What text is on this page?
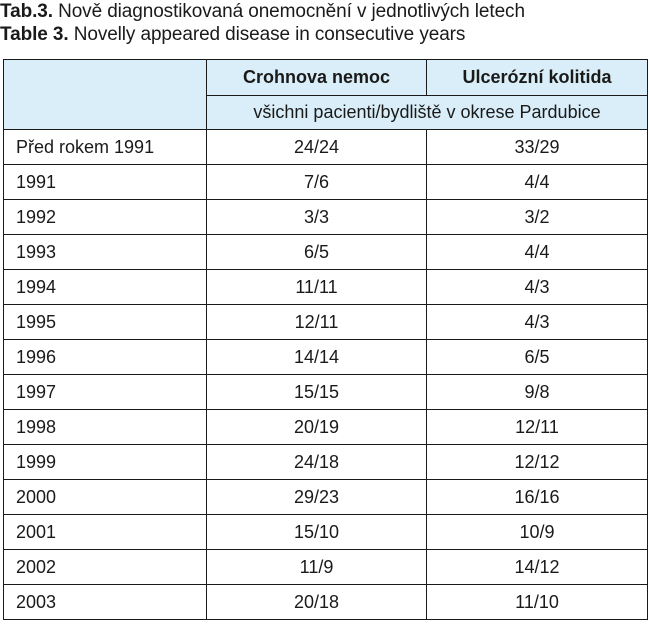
Tab.3. Nově diagnostikovaná onemocnění v jednotlivých letech
Table 3. Novelly appeared disease in consecutive years
	Crohnova nemoc	Ulcerózní kolitida
	všichni pacienti/bydliště v okrese Pardubice	
Před rokem 1991	24/24	33/29
1991	7/6	4/4
1992	3/3	3/2
1993	6/5	4/4
1994	11/11	4/3
1995	12/11	4/3
1996	14/14	6/5
1997	15/15	9/8
1998	20/19	12/11
1999	24/18	12/12
2000	29/23	16/16
2001	15/10	10/9
2002	11/9	14/12
2003	20/18	11/10
